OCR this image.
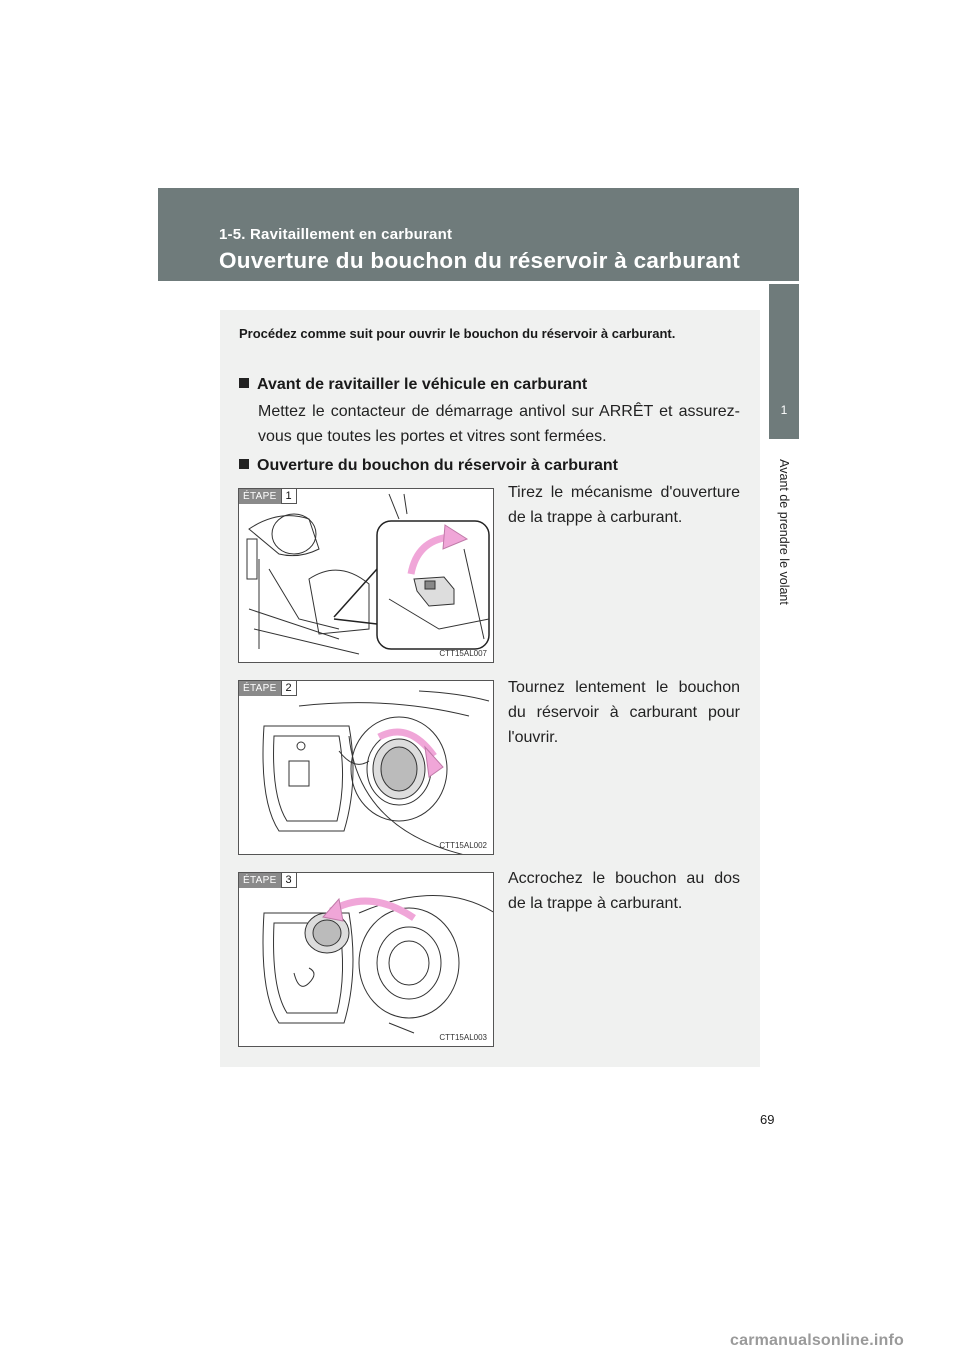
1-5. Ravitaillement en carburant
Ouverture du bouchon du réservoir à carburant
1
Avant de prendre le volant
Procédez comme suit pour ouvrir le bouchon du réservoir à carburant.
Avant de ravitailler le véhicule en carburant
Mettez le contacteur de démarrage antivol sur ARRÊT et assurez-vous que toutes les portes et vitres sont fermées.
Ouverture du bouchon du réservoir à carburant
ÉTAPE 1
CTT15AL007
Tirez le mécanisme d'ouverture de la trappe à carburant.
ÉTAPE 2
CTT15AL002
Tournez lentement le bouchon du réservoir à carburant pour l'ouvrir.
ÉTAPE 3
CTT15AL003
Accrochez le bouchon au dos de la trappe à carburant.
69
carmanualsonline.info
